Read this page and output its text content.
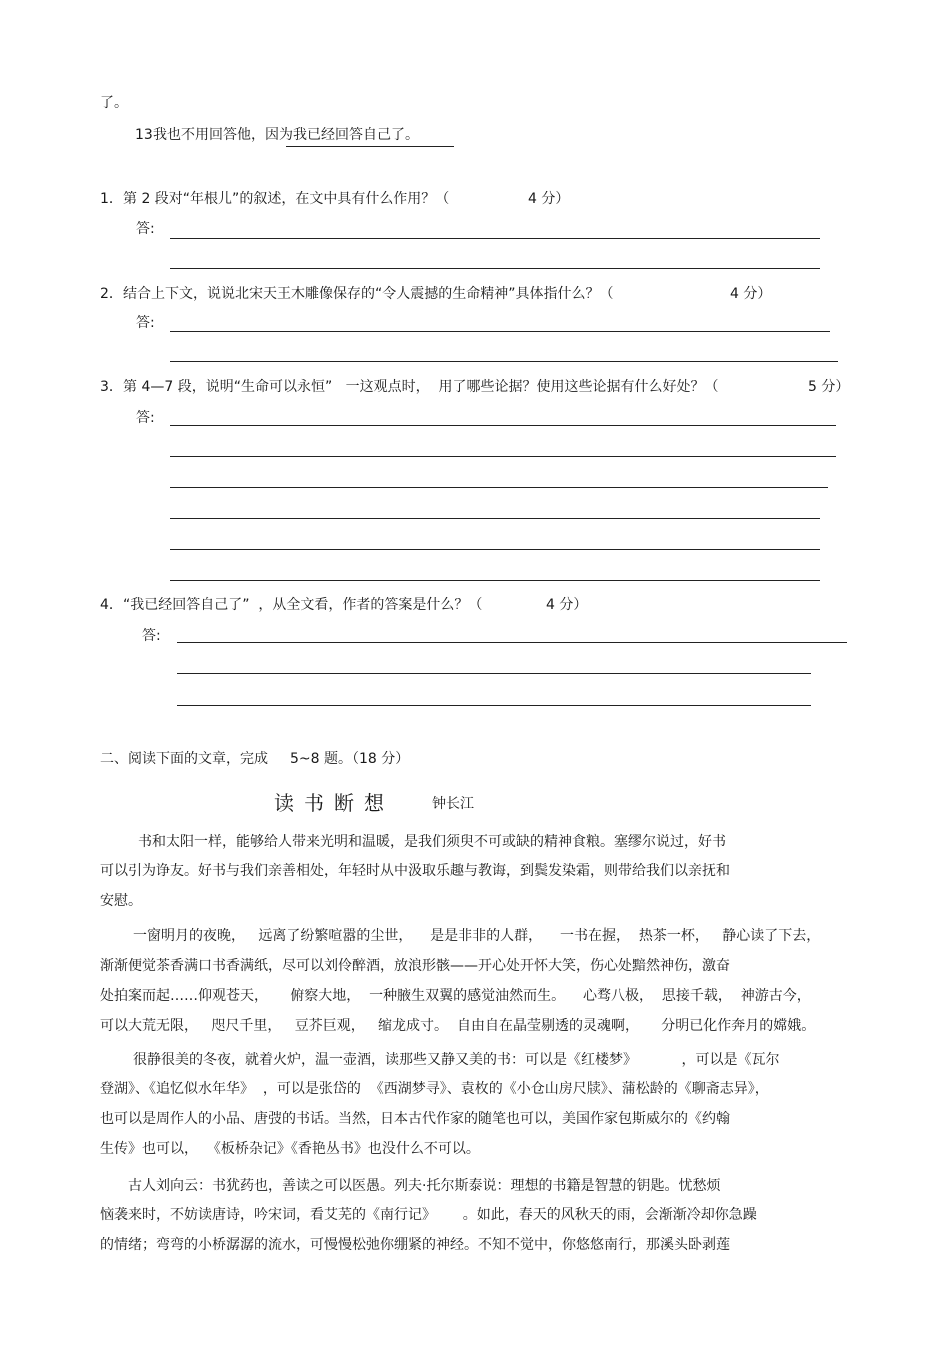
了。
13 我也不用回答他，因为我已经回答自己了。
1． 第 2 段对“年根儿”的叙述，在文中具有什么作用？（	4 分）
答:
2． 结合上下文，说说北宋天王木雕像保存的“令人震撼的生命精神”具体指什么？（	4 分）
答:
3． 第 4—7 段，说明“生命可以永恒”   一这观点时，  用了哪些论据？使用这些论据有什么好处？（	5 分）
答:
4． “我已经回答自己了”  ，从全文看，作者的答案是什么？（	4 分）
答:
二、阅读下面的文章，完成 5~8 题。（18 分）
读书断想	钟长江
书和太阳一样，能够给人带来光明和温暖，是我们须臾不可或缺的精神食粮。塞缪尔说过，好书
可以引为诤友。好书与我们亲善相处，年轻时从中汲取乐趣与教诲，到鬓发染霜，则带给我们以亲抚和
安慰。
一窗明月的夜晚，   远离了纷繁喧嚣的尘世，    是是非非的人群，    一书在握，  热茶一杯，   静心读了下去，
渐渐便觉茶香满口书香满纸，尽可以刘伶醉酒，放浪形骸——开心处开怀大笑，伤心处黯然神伤，激奋
处拍案而起……仰观苍天，     俯察大地，  一种腋生双翼的感觉油然而生。    心骛八极，  思接千载，  神游古今，
可以大荒无限，   咫尺千里，   豆芥巨观，   缩龙成寸。  自由自在晶莹剔透的灵魂啊，     分明已化作奔月的嫦娥。
很静很美的冬夜，就着火炉，温一壶酒，读那些又静又美的书：可以是《红楼梦》          ，可以是《瓦尔
登湖》、《追忆似水年华》  ，可以是张岱的  《西湖梦寻》、袁枚的《小仓山房尺牍》、蒲松龄的《聊斋志异》，
也可以是周作人的小品、唐弢的书话。当然，日本古代作家的随笔也可以，美国作家包斯威尔的《约翰
生传》也可以，  《板桥杂记》《香艳丛书》也没什么不可以。
古人刘向云：书犹药也，善读之可以医愚。列夫·托尔斯泰说：理想的书籍是智慧的钥匙。忧愁烦
恼袭来时，不妨读唐诗，吟宋词，看艾芜的《南行记》      。如此，春天的风秋天的雨，会渐渐冷却你急躁
的情绪；弯弯的小桥潺潺的流水，可慢慢松弛你绷紧的神经。不知不觉中，你悠悠南行，那溪头卧剥莲
